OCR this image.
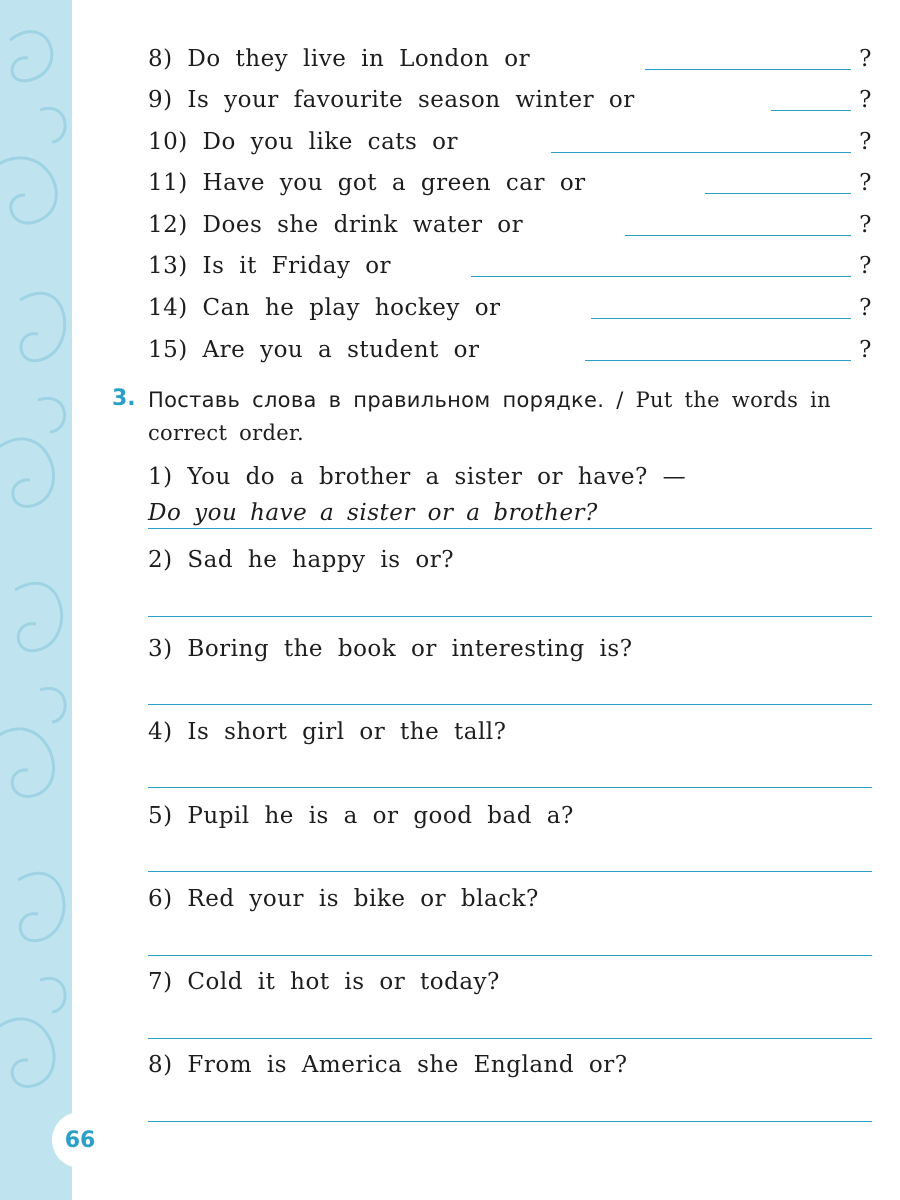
8) Do they live in London or	?
9) Is your favourite season winter or	?
10) Do you like cats or	?
11) Have you got a green car or	?
12) Does she drink water or	?
13) Is it Friday or	?
14) Can he play hockey or	?
15) Are you a student or	?
3. Поставь слова в правильном порядке. / Put the words in correct order.
1) You do a brother a sister or have? —
Do you have a sister or a brother?
2) Sad he happy is or?
3) Boring the book or interesting is?
4) Is short girl or the tall?
5) Pupil he is a or good bad a?
6) Red your is bike or black?
7) Cold it hot is or today?
8) From is America she England or?
66
